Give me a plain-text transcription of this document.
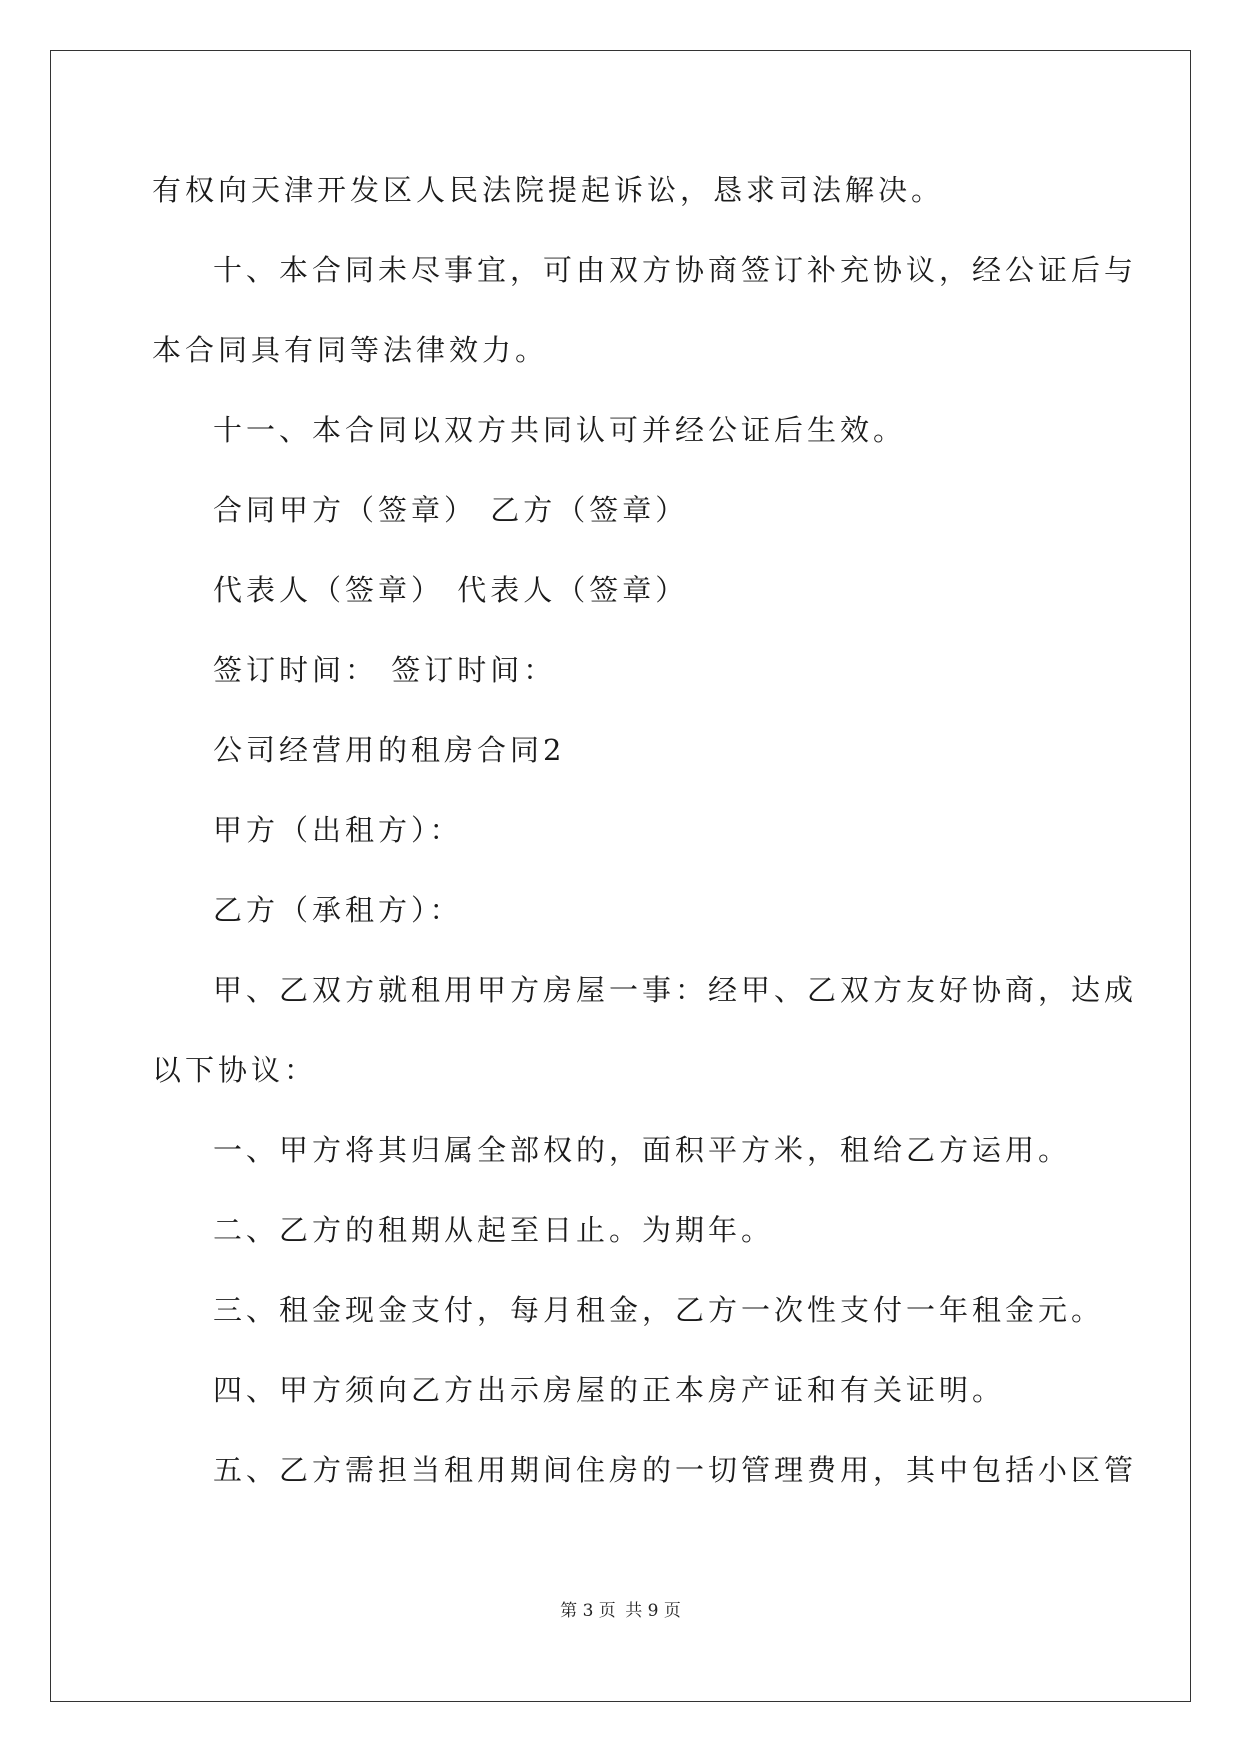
有权向天津开发区人民法院提起诉讼，恳求司法解决。

十、本合同未尽事宜，可由双方协商签订补充协议，经公证后与

本合同具有同等法律效力。

十一、本合同以双方共同认可并经公证后生效。

合同甲方（签章） 乙方（签章）

代表人（签章） 代表人（签章）

签订时间： 签订时间：

公司经营用的租房合同2

甲方（出租方）：

乙方（承租方）：

甲、乙双方就租用甲方房屋一事：经甲、乙双方友好协商，达成

以下协议：

一、甲方将其归属全部权的，面积平方米，租给乙方运用。

二、乙方的租期从起至日止。为期年。

三、租金现金支付，每月租金，乙方一次性支付一年租金元。

四、甲方须向乙方出示房屋的正本房产证和有关证明。

五、乙方需担当租用期间住房的一切管理费用，其中包括小区管

第 3 页 共 9 页
